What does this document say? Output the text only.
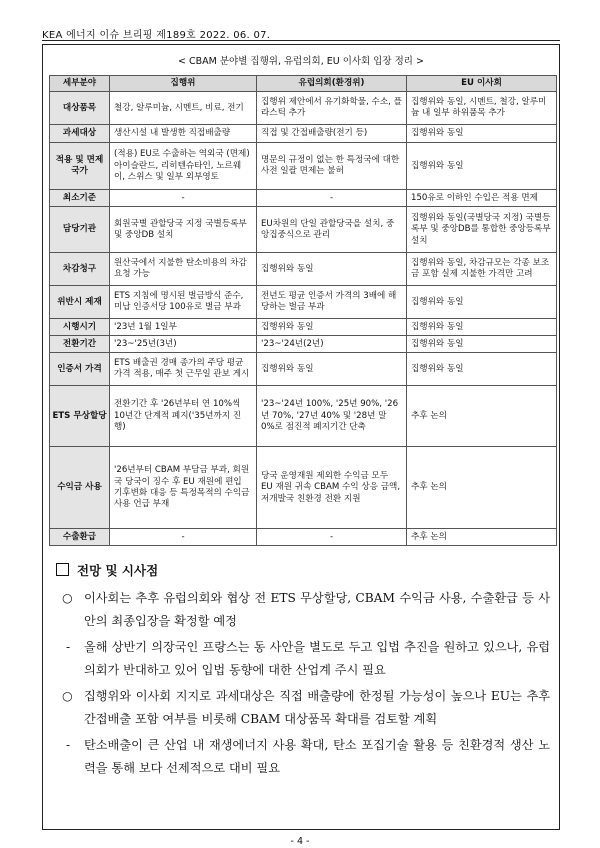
KEA 에너지 이슈 브리핑 제189호 2022. 06. 07.
< CBAM 분야별 집행위, 유럽의회, EU 이사회 입장 정리 >
세부분야	집행위	유럽의회(환경위)	EU 이사회
대상품목	철강, 알루미늄, 시멘트, 비료, 전기	집행위 제안에서 유기화학물, 수소, 플라스틱 추가	집행위와 동일, 시멘트, 철강, 알루미늄 내 일부 하위품목 추가
과세대상	생산시설 내 발생한 직접배출량	직접 및 간접배출량(전기 등)	집행위와 동일
적용 및 면제국가	(적용) EU로 수출하는 역외국 (면제) 아이슬란드, 리히텐슈타인, 노르웨이, 스위스 및 일부 외부영토	명문의 규정이 없는 한 특정국에 대한 사전 일괄 면제는 불허	집행위와 동일
최소기준	-	-	150유로 이하인 수입은 적용 면제
담당기관	회원국별 관할당국 지정 국별등록부 및 중앙DB 설치	EU차원의 단일 관할당국을 설치, 중앙집중식으로 관리	집행위와 동일(국별당국 지정) 국별등록부 및 중앙DB를 통합한 중앙등록부 설치
차감청구	원산국에서 지불한 탄소비용의 차감 요청 가능	집행위와 동일	집행위와 동일, 차감규모는 각종 보조금 포함 실제 지불한 가격만 고려
위반시 제재	ETS 지침에 명시된 벌금방식 준수, 미납 인증서당 100유로 벌금 부과	전년도 평균 인증서 가격의 3배에 해당하는 벌금 부과	집행위와 동일
시행시기	'23년 1월 1일부	집행위와 동일	집행위와 동일
전환기간	'23~'25년(3년)	'23~'24년(2년)	집행위와 동일
인증서 가격	ETS 배출권 경매 종가의 주당 평균 가격 적용, 매주 첫 근무일 관보 게시	집행위와 동일	집행위와 동일
ETS 무상할당	전환기간 후 '26년부터 연 10%씩 10년간 단계적 폐지('35년까지 진행)	'23~'24년 100%, '25년 90%, '26년 70%, '27년 40% 및 '28년 말 0%로 점진적 폐지기간 단축	추후 논의
수익금 사용	'26년부터 CBAM 부담금 부과, 회원국 당국이 징수 후 EU 재원에 편입 기후변화 대응 등 특정목적의 수익금 사용 언급 부재	당국 운영재원 제외한 수익금 모두 EU 재원 귀속 CBAM 수익 상응 금액, 저개발국 친환경 전환 지원	추후 논의
수출환급	-	-	추후 논의
전망 및 시사점
○ 이사회는 추후 유럽의회와 협상 전 ETS 무상할당, CBAM 수익금 사용, 수출환급 등 사안의 최종입장을 확정할 예정
-	올해 상반기 의장국인 프랑스는 동 사안을 별도로 두고 입법 추진을 원하고 있으나, 유럽의회가 반대하고 있어 입법 동향에 대한 산업계 주시 필요
○ 집행위와 이사회 지지로 과세대상은 직접 배출량에 한정될 가능성이 높으나 EU는 추후 간접배출 포함 여부를 비롯해 CBAM 대상품목 확대를 검토할 계획
-	탄소배출이 큰 산업 내 재생에너지 사용 확대, 탄소 포집기술 활용 등 친환경적 생산 노력을 통해 보다 선제적으로 대비 필요
- 4 -
